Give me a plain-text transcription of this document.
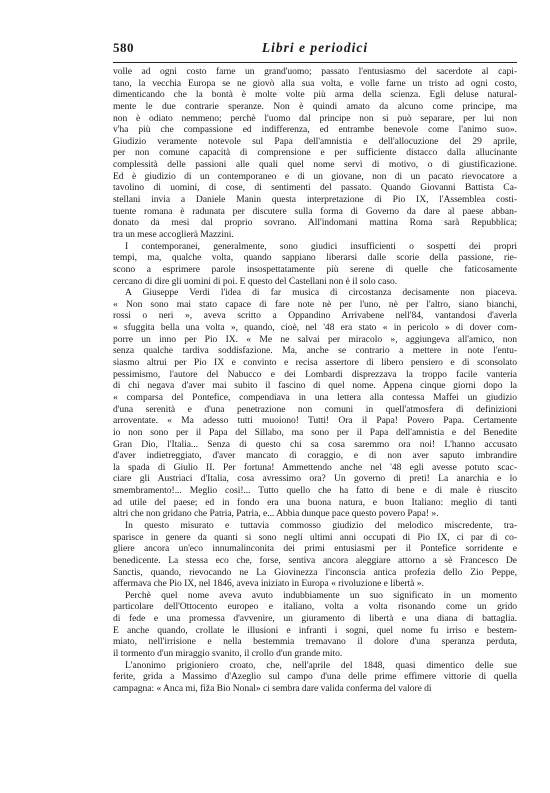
580	Libri e periodici
volle ad ogni costo farne un grand'uomo; passato l'entusiasmo del sacerdote al capi-
tano, la vecchia Europa se ne giovò alla sua volta, e volle farne un tristo ad ogni costo,
dimenticando che la bontà è molte volte più arma della scienza. Egli deluse natural-
mente le due contrarie speranze. Non è quindi amato da alcuno come principe, ma
non è odiato nemmeno; perchè l'uomo dal principe non si può separare, per lui non
v'ha più che compassione ed indifferenza, ed entrambe benevole come l'animo suo».
Giudizio veramente notevole sul Papa dell'amnistia e dell'allocuzione del 29 aprile,
per non comune capacità di comprensione e per sufficiente distacco dalla allucinante
complessità delle passioni alle quali quel nome servì di motivo, o di giustificazione.
Ed è giudizio di un contemporaneo e di un giovane, non di un pacato rievocatore a
tavolino di uomini, di cose, di sentimenti del passato. Quando Giovanni Battista Ca-
stellani invia a Daniele Manin questa interpretazione di Pio IX, l'Assemblea costi-
tuente romana è radunata per discutere sulla forma di Governo da dare al paese abban-
donato da mesi dal proprio sovrano. All'indomani mattina Roma sarà Repubblica;
tra un mese accoglierà Mazzini.
I contemporanei, generalmente, sono giudici insufficienti o sospetti dei propri
tempi, ma, qualche volta, quando sappiano liberarsi dalle scorie della passione, rie-
scono a esprimere parole insospettatamente più serene di quelle che faticosamente
cercano di dire gli uomini di poi. E questo del Castellani non è il solo caso.
A Giuseppe Verdi l'idea di far musica di circostanza decisamente non piaceva.
« Non sono mai stato capace di fare note nè per l'uno, nè per l'altro, siano bianchi,
rossi o neri », aveva scritto a Oppandino Arrivabene nell'84, vantandosi d'averla
« sfuggita bella una volta », quando, cioè, nel '48 era stato « in pericolo » di dover com-
porre un inno per Pio IX. « Me ne salvai per miracolo », aggiungeva all'amico, non
senza qualche tardiva soddisfazione. Ma, anche se contrario a mettere in note l'entu-
siasmo altrui per Pio IX e convinto e recisa assertore di libero pensiero e di sconsolato
pessimismo, l'autore del Nabucco e dei Lombardi disprezzava la troppo facile vanteria
di chi negava d'aver mai subito il fascino di quel nome. Appena cinque giorni dopo la
« comparsa del Pontefice, compendiava in una lettera alla contessa Maffei un giudizio
d'una serenità e d'una penetrazione non comuni in quell'atmosfera di definizioni
arroventate. « Ma adesso tutti muoiono! Tutti! Ora il Papa! Povero Papa. Certamente
io non sono per il Papa del Sillabo, ma sono per il Papa dell'amnistia e del Benedite
Gran Dio, l'Italia... Senza di questo chi sa cosa saremmo ora noi! L'hanno accusato
d'aver indietreggiato, d'aver mancato di coraggio, e di non aver saputo imbrandire
la spada di Giulio II. Per fortuna! Ammettendo anche nel '48 egli avesse potuto scac-
ciare gli Austriaci d'Italia, cosa avressimo ora? Un governo di preti! La anarchia e lo
smembramento!... Meglio così!... Tutto quello che ha fatto di bene e di male è riuscito
ad utile del paese; ed in fondo era una buona natura, e buon Italiano: meglio di tanti
altri che non gridano che Patria, Patria, e... Abbia dunque pace questo povero Papa! ».
In questo misurato e tuttavia commosso giudizio del melodico miscredente, tra-
sparisce in genere da quanti si sono negli ultimi anni occupati di Pio IX, ci par di co-
gliere ancora un'eco innumalinconita dei primi entusiasmi per il Pontefice sorridente e
benedicente. La stessa eco che, forse, sentiva ancora aleggiare attorno a sè Francesco De
Sanctis, quando, rievocando ne La Giovinezza l'inconscia antica profezia dello Zio Peppe,
affermava che Pio IX, nel 1846, aveva iniziato in Europa « rivoluzione e libertà ».
Perchè quel nome aveva avuto indubbiamente un suo significato in un momento
particolare dell'Ottocento europeo e italiano, volta a volta risonando come un grido
di fede e una promessa d'avvenire, un giuramento di libertà e una diana di battaglia.
E anche quando, crollate le illusioni e infranti i sogni, quel nome fu irriso e bestem-
miato, nell'irrisione e nella bestemmia tremavano il dolore d'una speranza perduta,
il tormento d'un miraggio svanito, il crollo d'un grande mito.
L'anonimo prigioniero croato, che, nell'aprile del 1848, quasi dimentico delle sue
ferite, grida a Massimo d'Azeglio sul campo d'una delle prime effimere vittorie di quella
campagna: « Anca mi, fiža Bio Nonal» ci sembra dare valida conferma del valore di
